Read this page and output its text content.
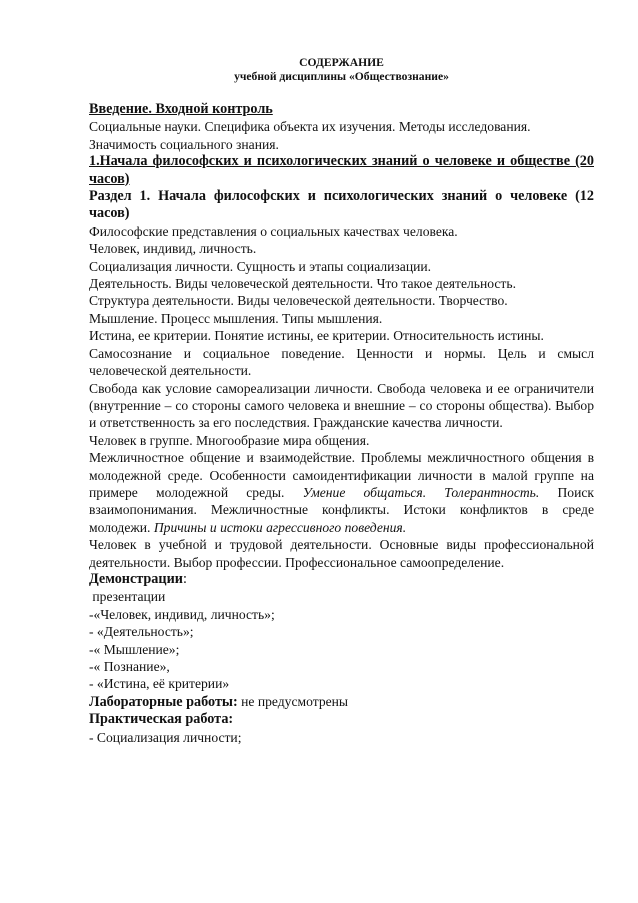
СОДЕРЖАНИЕ

учебной дисциплины «Обществознание»

Введение. Входной контроль

Социальные науки. Специфика объекта их изучения. Методы исследования.

Значимость социального знания.

1.Начала философских и психологических знаний о человеке и обществе (20 часов)

Раздел 1. Начала философских и психологических знаний о человеке (12 часов)

Философские представления о социальных качествах человека.

Человек, индивид, личность.

Социализация личности. Сущность и этапы социализации.

Деятельность. Виды человеческой деятельности. Что такое деятельность.

Структура деятельности. Виды человеческой деятельности. Творчество.

Мышление. Процесс мышления. Типы мышления.

Истина, ее критерии. Понятие истины, ее критерии. Относительность истины.

Самосознание и социальное поведение. Ценности и нормы. Цель и смысл человеческой деятельности.

Свобода как условие самореализации личности. Свобода человека и ее ограничители (внутренние – со стороны самого человека и внешние – со стороны общества). Выбор и ответственность за его последствия. Гражданские качества личности.

Человек в группе. Многообразие мира общения.

Межличностное общение и взаимодействие. Проблемы межличностного общения в молодежной среде. Особенности самоидентификации личности в малой группе на примере молодежной среды. Умение общаться. Толерантность. Поиск взаимопонимания. Межличностные конфликты. Истоки конфликтов в среде молодежи. Причины и истоки агрессивного поведения.

Человек в учебной и трудовой деятельности. Основные виды профессиональной деятельности. Выбор профессии. Профессиональное самоопределение.

Демонстрации:

презентации

-«Человек, индивид, личность»;

- «Деятельность»;

-« Мышление»;

-« Познание»,

- «Истина, её критерии»

Лабораторные работы: не предусмотрены

Практическая работа:

- Социализация личности;
